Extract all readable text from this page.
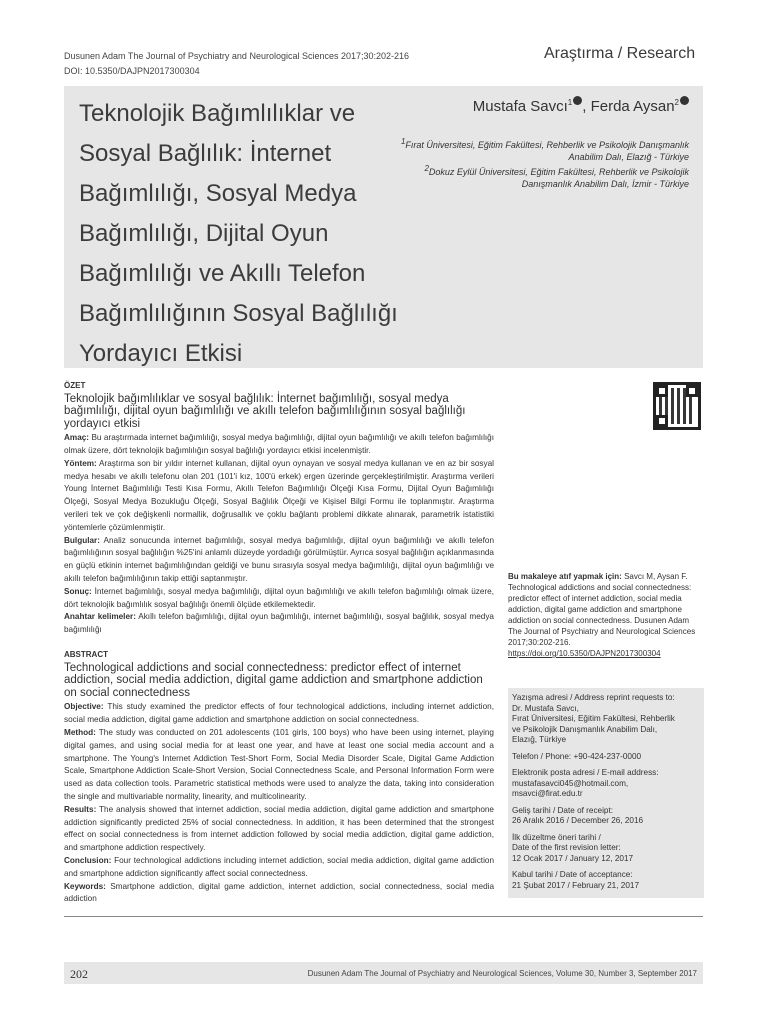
Dusunen Adam The Journal of Psychiatry and Neurological Sciences 2017;30:202-216
DOI: 10.5350/DAJPN2017300304
Araştırma / Research
Teknolojik Bağımlılıklar ve Sosyal Bağlılık: İnternet Bağımlılığı, Sosyal Medya Bağımlılığı, Dijital Oyun Bağımlılığı ve Akıllı Telefon Bağımlılığının Sosyal Bağlılığı Yordayıcı Etkisi
Mustafa Savcı$^1$ , Ferda Aysan$^2$
1Fırat Üniversitesi, Eğitim Fakültesi, Rehberlik ve Psikolojik Danışmanlık Anabilim Dalı, Elazığ - Türkiye
2Dokuz Eylül Üniversitesi, Eğitim Fakültesi, Rehberlik ve Psikolojik Danışmanlık Anabilim Dalı, İzmir - Türkiye
ÖZET
Teknolojik bağımlılıklar ve sosyal bağlılık: İnternet bağımlılığı, sosyal medya bağımlılığı, dijital oyun bağımlılığı ve akıllı telefon bağımlılığının sosyal bağlılığı yordayıcı etkisi
Amaç: Bu araştırmada internet bağımlılığı, sosyal medya bağımlılığı, dijital oyun bağımlılığı ve akıllı telefon bağımlılığı olmak üzere, dört teknolojik bağımlılığın sosyal bağlılığı yordayıcı etkisi incelenmiştir.
Yöntem: Araştırma son bir yıldır internet kullanan, dijital oyun oynayan ve sosyal medya kullanan ve en az bir sosyal medya hesabı ve akıllı telefonu olan 201 (101'i kız, 100'ü erkek) ergen üzerinde gerçekleştirilmiştir. Araştırma verileri Young İnternet Bağımlılığı Testi Kısa Formu, Akıllı Telefon Bağımlılığı Ölçeği Kısa Formu, Dijital Oyun Bağımlılığı Ölçeği, Sosyal Medya Bozukluğu Ölçeği, Sosyal Bağlılık Ölçeği ve Kişisel Bilgi Formu ile toplanmıştır. Araştırma verileri tek ve çok değişkenli normallik, doğrusallık ve çoklu bağlantı problemi dikkate alınarak, parametrik istatistiki yöntemlerle çözümlenmiştir.
Bulgular: Analiz sonucunda internet bağımlılığı, sosyal medya bağımlılığı, dijital oyun bağımlılığı ve akıllı telefon bağımlılığının sosyal bağlılığın %25'ini anlamlı düzeyde yordadığı görülmüştür. Ayrıca sosyal bağlılığın açıklanmasında en güçlü etkinin internet bağımlılığından geldiği ve bunu sırasıyla sosyal medya bağımlılığı, dijital oyun bağımlılığı ve akıllı telefon bağımlılığının takip ettiği saptanmıştır.
Sonuç: İnternet bağımlılığı, sosyal medya bağımlılığı, dijital oyun bağımlılığı ve akıllı telefon bağımlılığı olmak üzere, dört teknolojik bağımlılık sosyal bağlılığı önemli ölçüde etkilemektedir.
Anahtar kelimeler: Akıllı telefon bağımlılığı, dijital oyun bağımlılığı, internet bağımlılığı, sosyal bağlılık, sosyal medya bağımlılığı
ABSTRACT
Technological addictions and social connectedness: predictor effect of internet addiction, social media addiction, digital game addiction and smartphone addiction on social connectedness
Objective: This study examined the predictor effects of four technological addictions, including internet addiction, social media addiction, digital game addiction and smartphone addiction on social connectedness.
Method: The study was conducted on 201 adolescents (101 girls, 100 boys) who have been using internet, playing digital games, and using social media for at least one year, and have at least one social media account and a smartphone. The Young's Internet Addiction Test-Short Form, Social Media Disorder Scale, Digital Game Addiction Scale, Smartphone Addiction Scale-Short Version, Social Connectedness Scale, and Personal Information Form were used as data collection tools. Parametric statistical methods were used to analyze the data, taking into consideration the single and multivariable normality, linearity, and multicolinearity.
Results: The analysis showed that internet addiction, social media addiction, digital game addiction and smartphone addiction significantly predicted 25% of social connectedness. In addition, it has been determined that the strongest effect on social connectedness is from internet addiction followed by social media addiction, digital game addiction, and smartphone addiction respectively.
Conclusion: Four technological addictions including internet addiction, social media addiction, digital game addiction and smartphone addiction significantly affect social connectedness.
Keywords: Smartphone addiction, digital game addiction, internet addiction, social connectedness, social media addiction
Bu makaleye atıf yapmak için: Savcı M, Aysan F. Technological addictions and social connectedness: predictor effect of internet addiction, social media addiction, digital game addiction and smartphone addiction on social connectedness. Dusunen Adam The Journal of Psychiatry and Neurological Sciences 2017;30:202-216.
https://doi.org/10.5350/DAJPN2017300304
Yazışma adresi / Address reprint requests to:
Dr. Mustafa Savcı,
Fırat Üniversitesi, Eğitim Fakültesi, Rehberlik
ve Psikolojik Danışmanlık Anabilim Dalı,
Elazığ, Türkiye
Telefon / Phone: +90-424-237-0000
Elektronik posta adresi / E-mail address:
mustafasavci045@hotmail.com,
msavci@firat.edu.tr
Geliş tarihi / Date of receipt:
26 Aralık 2016 / December 26, 2016
İlk düzeltme öneri tarihi /
Date of the first revision letter:
12 Ocak 2017 / January 12, 2017
Kabul tarihi / Date of acceptance:
21 Şubat 2017 / February 21, 2017
202	Dusunen Adam The Journal of Psychiatry and Neurological Sciences, Volume 30, Number 3, September 2017
